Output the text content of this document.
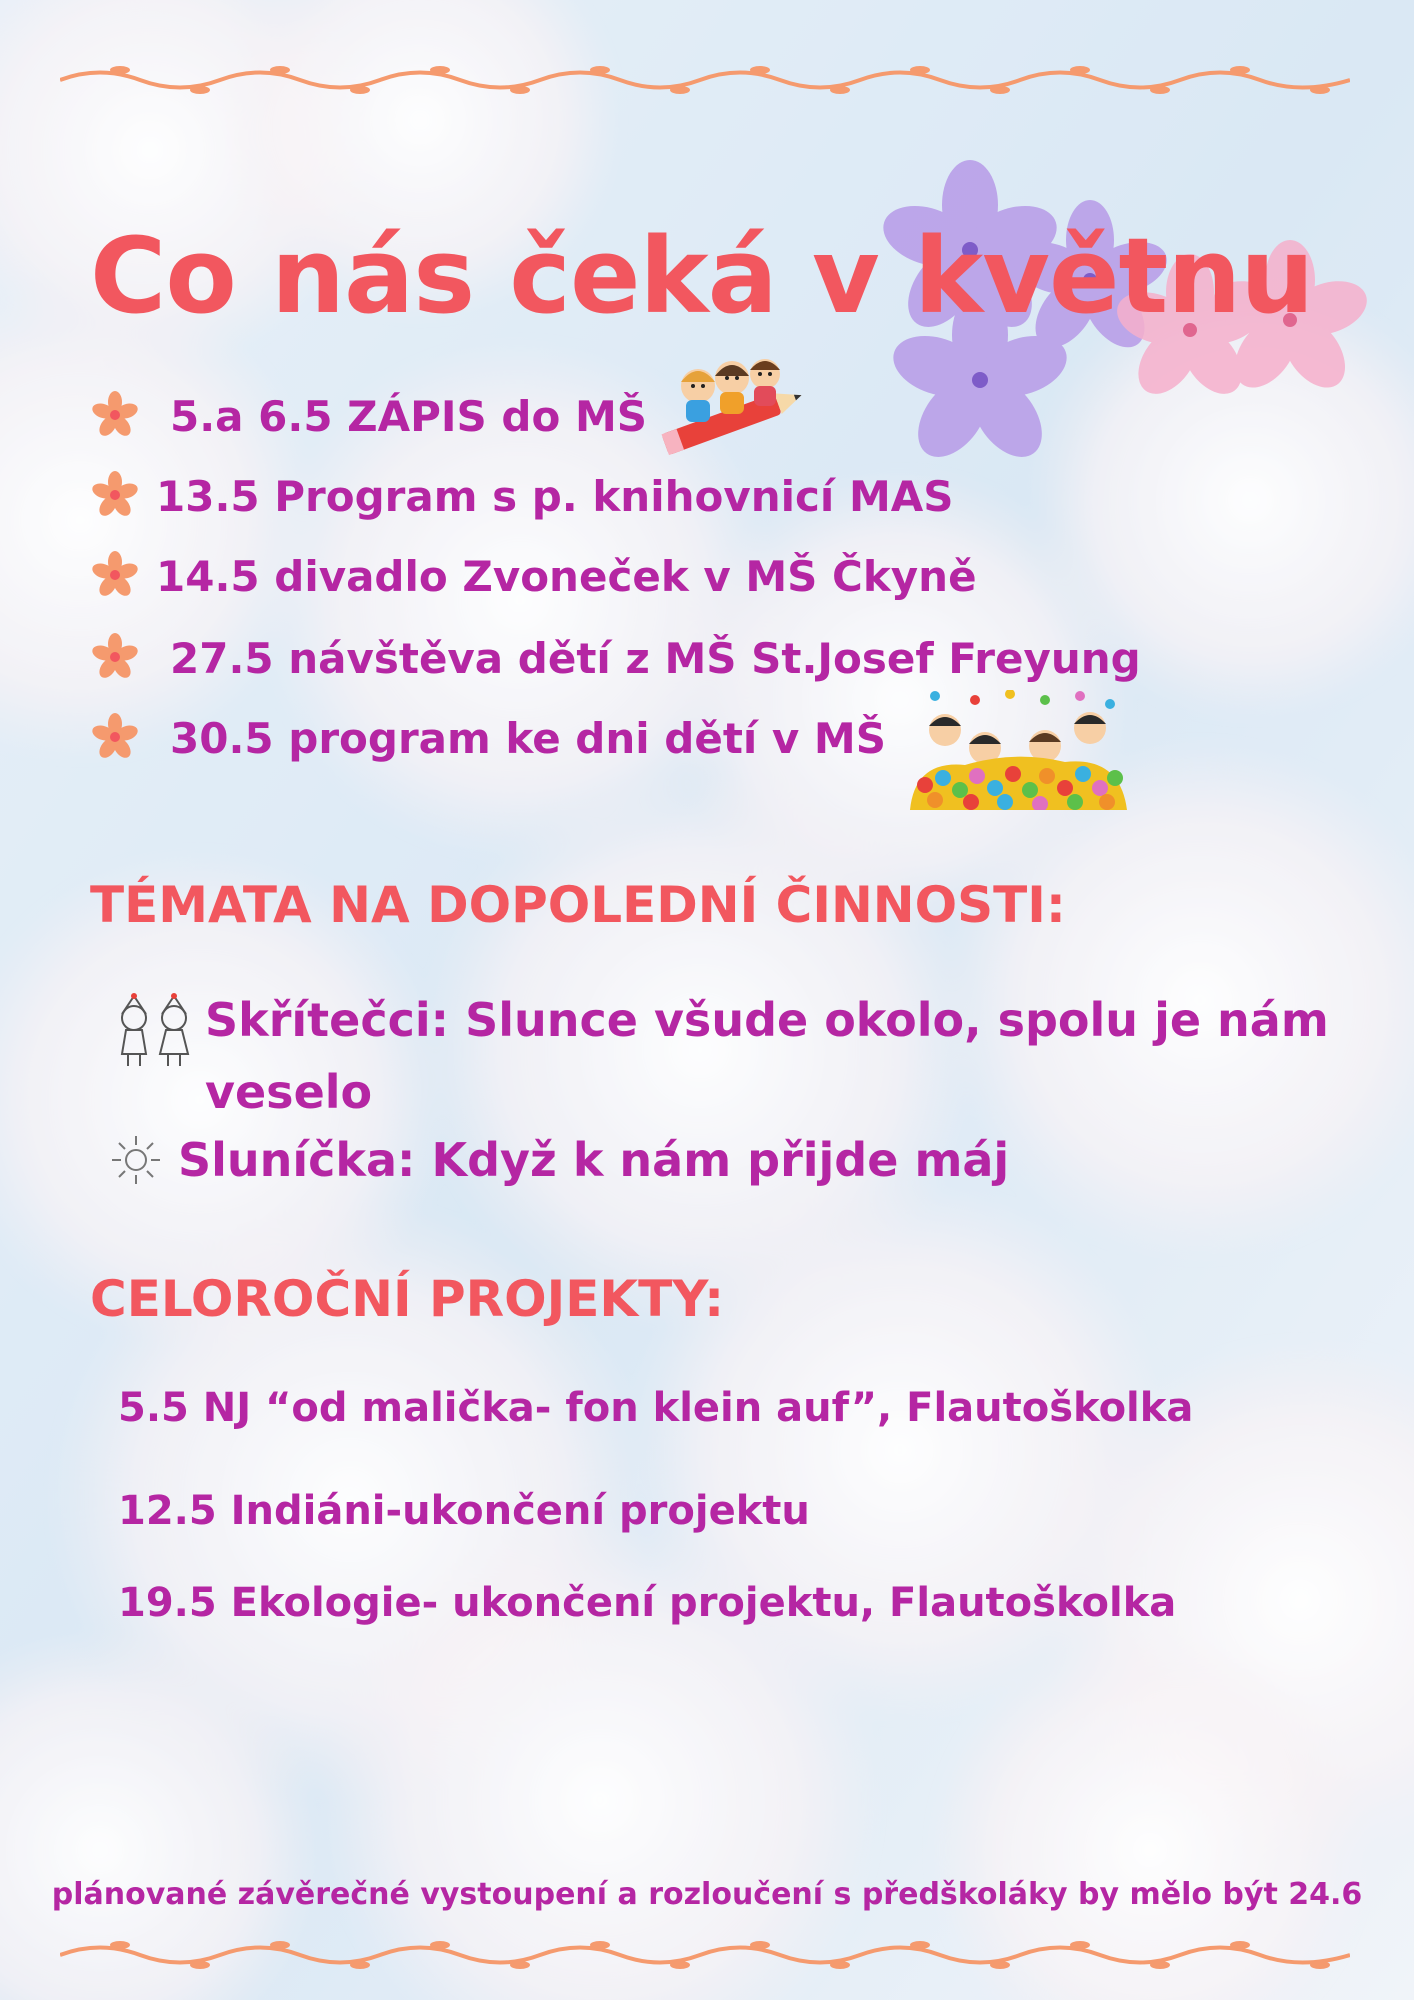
Co nás čeká v květnu
5.a 6.5 ZÁPIS do MŠ
13.5 Program s p. knihovnicí MAS
14.5 divadlo Zvoneček v MŠ Čkyně
27.5 návštěva dětí z MŠ St.Josef Freyung
30.5 program ke dni dětí v MŠ
TÉMATA NA DOPOLEDNÍ ČINNOSTI:
Skřítečci: Slunce všude okolo, spolu je nám veselo
Sluníčka: Když k nám přijde máj
CELOROČNÍ PROJEKTY:
5.5 NJ “od malička- fon klein auf”, Flautoškolka
12.5 Indiáni-ukončení projektu
19.5 Ekologie- ukončení projektu, Flautoškolka
plánované závěrečné vystoupení a rozloučení s předškoláky by mělo být 24.6
